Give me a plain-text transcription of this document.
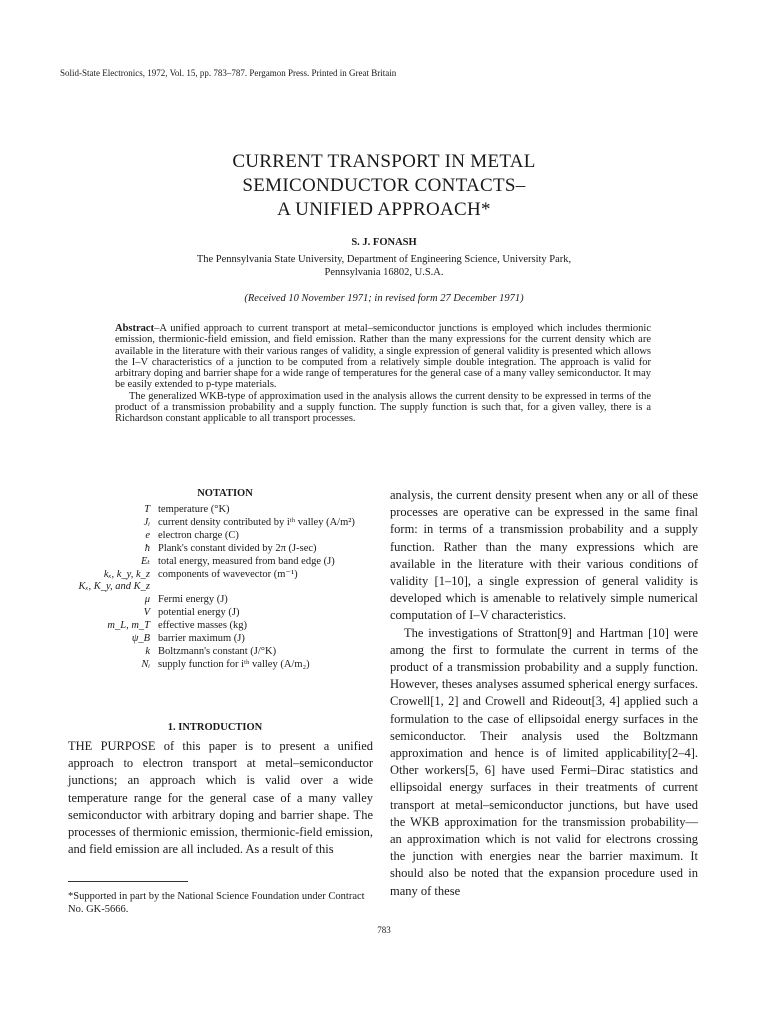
Solid-State Electronics, 1972, Vol. 15, pp. 783–787. Pergamon Press. Printed in Great Britain
CURRENT TRANSPORT IN METAL
SEMICONDUCTOR CONTACTS–
A UNIFIED APPROACH*
S. J. FONASH
The Pennsylvania State University, Department of Engineering Science, University Park,
Pennsylvania 16802, U.S.A.
(Received 10 November 1971; in revised form 27 December 1971)

Abstract–A unified approach to current transport at metal–semiconductor junctions is employed which includes thermionic emission, thermionic-field emission, and field emission. Rather than the many expressions for the current density which are available in the literature with their various ranges of validity, a single expression of general validity is presented which allows the I–V characteristics of a junction to be computed from a relatively simple double integration. The approach is valid for arbitrary doping and barrier shape for a wide range of temperatures for the general case of a many valley semiconductor. It may be easily extended to p-type materials.

The generalized WKB-type of approximation used in the analysis allows the current density to be expressed in terms of the product of a transmission probability and a supply function. The supply function is such that, for a given valley, there is a Richardson constant applicable to all transport processes.

NOTATION
T temperature (°K)
Jᵢ current density contributed by iᵗʰ valley (A/m²)
e electron charge (C)
ħ Plank's constant divided by 2π (J-sec)
Eₜ total energy, measured from band edge (J)
kₓ, k_y, k_z components of wavevector (m⁻¹)
Kₓ, K_y, and K_z
μ Fermi energy (J)
V potential energy (J)
m_L, m_T effective masses (kg)
ψ_B barrier maximum (J)
k Boltzmann's constant (J/°K)
Nᵢ supply function for iᵗʰ valley (A/m₂)
1. INTRODUCTION

THE PURPOSE of this paper is to present a unified approach to electron transport at metal–semiconductor junctions; an approach which is valid over a wide temperature range for the general case of a many valley semiconductor with arbitrary doping and barrier shape. The processes of thermionic emission, thermionic-field emission, and field emission are all included. As a result of this

*Supported in part by the National Science Foundation under Contract No. GK-5666.

analysis, the current density present when any or all of these processes are operative can be expressed in the same final form: in terms of a transmission probability and a supply function. Rather than the many expressions which are available in the literature with their various conditions of validity [1–10], a single expression of general validity is developed which is amenable to relatively simple numerical computation of I–V characteristics.

The investigations of Stratton[9] and Hartman [10] were among the first to formulate the current in terms of the product of a transmission probability and a supply function. However, theses analyses assumed spherical energy surfaces. Crowell[1, 2] and Crowell and Rideout[3, 4] applied such a formulation to the case of ellipsoidal energy surfaces in the semiconductor. Their analysis used the Boltzmann approximation and hence is of limited applicability[2–4]. Other workers[5, 6] have used Fermi–Dirac statistics and ellipsoidal energy surfaces in their treatments of current transport at metal–semiconductor junctions, but have used the WKB approximation for the transmission probability—an approximation which is not valid for electrons crossing the junction with energies near the barrier maximum. It should also be noted that the expansion procedure used in many of these

783
